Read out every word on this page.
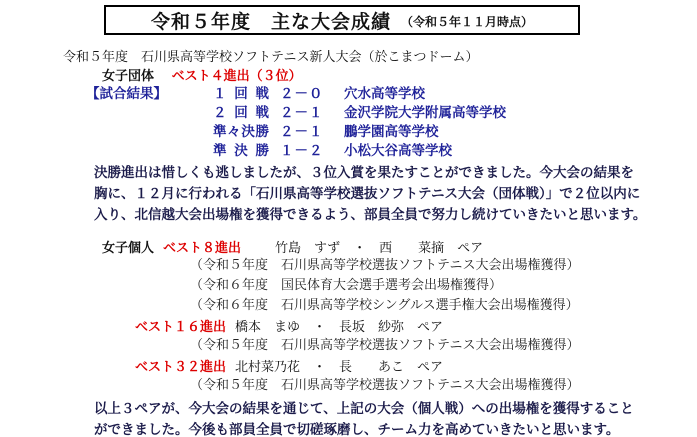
令和５年度　主な大会成績 （令和５年１１月時点）
令和５年度　石川県高等学校ソフトテニス新人大会（於こまつドーム）
女子団体 ベスト４進出（３位）
【試合結果】	１回戦 ２－０	穴水高等学校
２回戦 ２－１	金沢学院大学附属高等学校
準々決勝 ２－１	鵬学園高等学校
準決勝 １－２	小松大谷高等学校
決勝進出は惜しくも逃しましたが、３位入賞を果たすことができました。今大会の結果を
胸に、１２月に行われる「石川県高等学校選抜ソフトテニス大会（団体戦）」で２位以内に
入り、北信越大会出場権を獲得できるよう、部員全員で努力し続けていきたいと思います。
女子個人 ベスト８進出	竹島　すず　・　西　　菜摘　ペア
（令和５年度　石川県高等学校選抜ソフトテニス大会出場権獲得）
（令和６年度　国民体育大会選手選考会出場権獲得）
（令和６年度　石川県高等学校シングルス選手権大会出場権獲得）
ベスト１６進出 橋本　まゆ　・　長坂　紗弥　ペア
（令和５年度　石川県高等学校選抜ソフトテニス大会出場権獲得）
ベスト３２進出 北村菜乃花　・　長　　あこ　ペア
（令和５年度　石川県高等学校選抜ソフトテニス大会出場権獲得）
以上３ペアが、今大会の結果を通じて、上記の大会（個人戦）への出場権を獲得すること
ができました。今後も部員全員で切磋琢磨し、チーム力を高めていきたいと思います。
